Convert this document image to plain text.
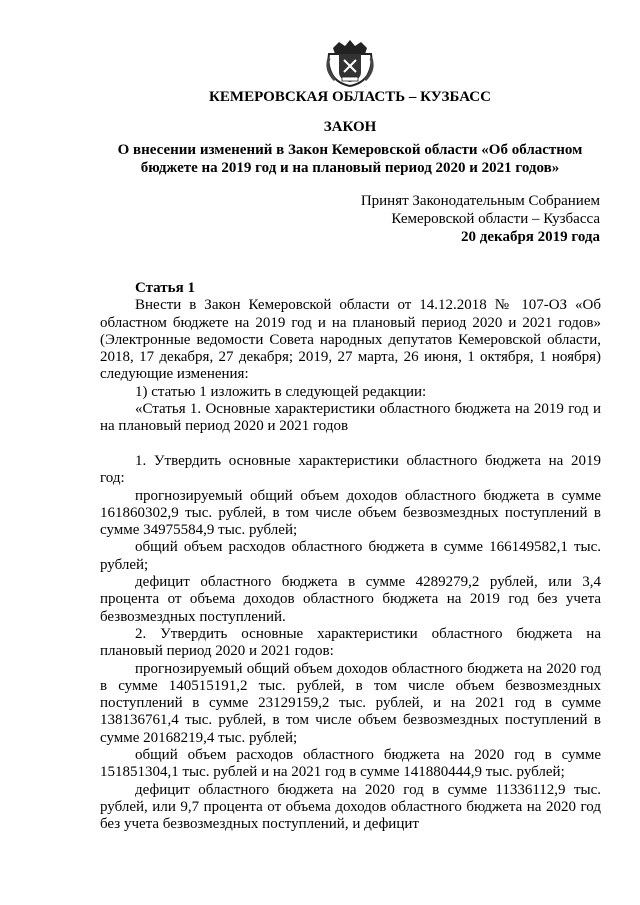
КЕМЕРОВСКАЯ ОБЛАСТЬ – КУЗБАСС
ЗАКОН
О внесении изменений в Закон Кемеровской области «Об областном бюджете на 2019 год и на плановый период 2020 и 2021 годов»
Принят Законодательным Собранием
Кемеровской области – Кузбасса
20 декабря 2019 года

Статья 1

Внести в Закон Кемеровской области от 14.12.2018 № 107-ОЗ «Об областном бюджете на 2019 год и на плановый период 2020 и 2021 годов» (Электронные ведомости Совета народных депутатов Кемеровской области, 2018, 17 декабря, 27 декабря; 2019, 27 марта, 26 июня, 1 октября, 1 ноября) следующие изменения:

1) статью 1 изложить в следующей редакции:

«Статья 1. Основные характеристики областного бюджета на 2019 год и на плановый период 2020 и 2021 годов

1. Утвердить основные характеристики областного бюджета на 2019 год:

прогнозируемый общий объем доходов областного бюджета в сумме 161860302,9 тыс. рублей, в том числе объем безвозмездных поступлений в сумме 34975584,9 тыс. рублей;

общий объем расходов областного бюджета в сумме 166149582,1 тыс. рублей;

дефицит областного бюджета в сумме 4289279,2 рублей, или 3,4 процента от объема доходов областного бюджета на 2019 год без учета безвозмездных поступлений.

2. Утвердить основные характеристики областного бюджета на плановый период 2020 и 2021 годов:

прогнозируемый общий объем доходов областного бюджета на 2020 год в сумме 140515191,2 тыс. рублей, в том числе объем безвозмездных поступлений в сумме 23129159,2 тыс. рублей, и на 2021 год в сумме 138136761,4 тыс. рублей, в том числе объем безвозмездных поступлений в сумме 20168219,4 тыс. рублей;

общий объем расходов областного бюджета на 2020 год в сумме 151851304,1 тыс. рублей и на 2021 год в сумме 141880444,9 тыс. рублей;

дефицит областного бюджета на 2020 год в сумме 11336112,9 тыс. рублей, или 9,7 процента от объема доходов областного бюджета на 2020 год без учета безвозмездных поступлений, и дефицит
